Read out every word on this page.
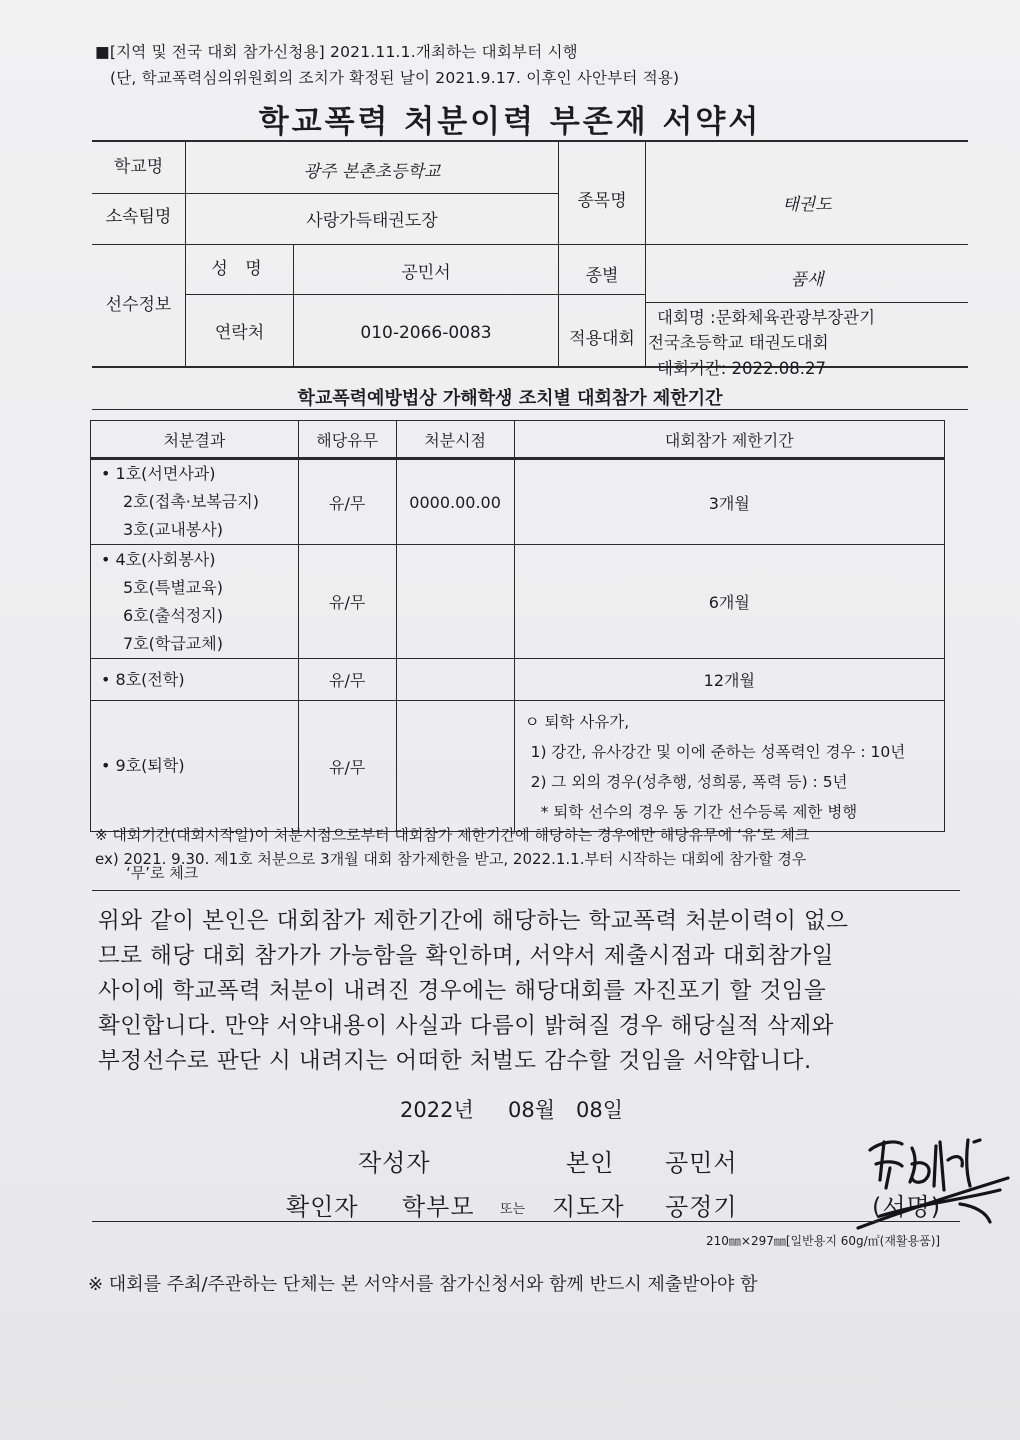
■[지역 및 전국 대회 참가신청용] 2021.11.1.개최하는 대회부터 시행
(단, 학교폭력심의위원회의 조치가 확정된 날이 2021.9.17. 이후인 사안부터 적용)
학교폭력 처분이력 부존재 서약서
학교명	광주 본촌초등학교
소속팀명	사랑가득태권도장
종목명	태권도
선수정보
성 명	공민서	종별	품새
연락처	010-2066-0083	적용대회
대회명 :문화체육관광부장관기
전국초등학교 태권도대회
대회기간: 2022.08.27
학교폭력예방법상 가해학생 조치별 대회참가 제한기간
처분결과	해당유무	처분시점	대회참가 제한기간

• 1호(서면사과)
2호(접촉·보복금지)
3호(교내봉사)	유/무	0000.00.00	3개월

• 4호(사회봉사)
5호(특별교육)
6호(출석정지)
7호(학급교체)	유/무		6개월

• 8호(전학)	유/무		12개월

• 9호(퇴학)	유/무		ㅇ 퇴학 사유가,
1) 강간, 유사강간 및 이에 준하는 성폭력인 경우 : 10년
2) 그 외의 경우(성추행, 성희롱, 폭력 등) : 5년
* 퇴학 선수의 경우 동 기간 선수등록 제한 병행
※ 대회기간(대회시작일)이 처분시점으로부터 대회참가 제한기간에 해당하는 경우에만 해당유무에 ‘유’로 체크
ex) 2021. 9.30. 제1호 처분으로 3개월 대회 참가제한을 받고, 2022.1.1.부터 시작하는 대회에 참가할 경우
‘무’로 체크
위와 같이 본인은 대회참가 제한기간에 해당하는 학교폭력 처분이력이 없으
므로 해당 대회 참가가 가능함을 확인하며, 서약서 제출시점과 대회참가일
사이에 학교폭력 처분이 내려진 경우에는 해당대회를 자진포기 할 것임을
확인합니다. 만약 서약내용이 사실과 다름이 밝혀질 경우 해당실적 삭제와
부정선수로 판단 시 내려지는 어떠한 처벌도 감수할 것임을 서약합니다.
2022년 08월 08일
작성자	본인 공민서
확인자 학부모 또는 지도자 공정기	(서명)
210㎜×297㎜[일반용지 60g/㎡(재활용품)]
※ 대회를 주최/주관하는 단체는 본 서약서를 참가신청서와 함께 반드시 제출받아야 함
